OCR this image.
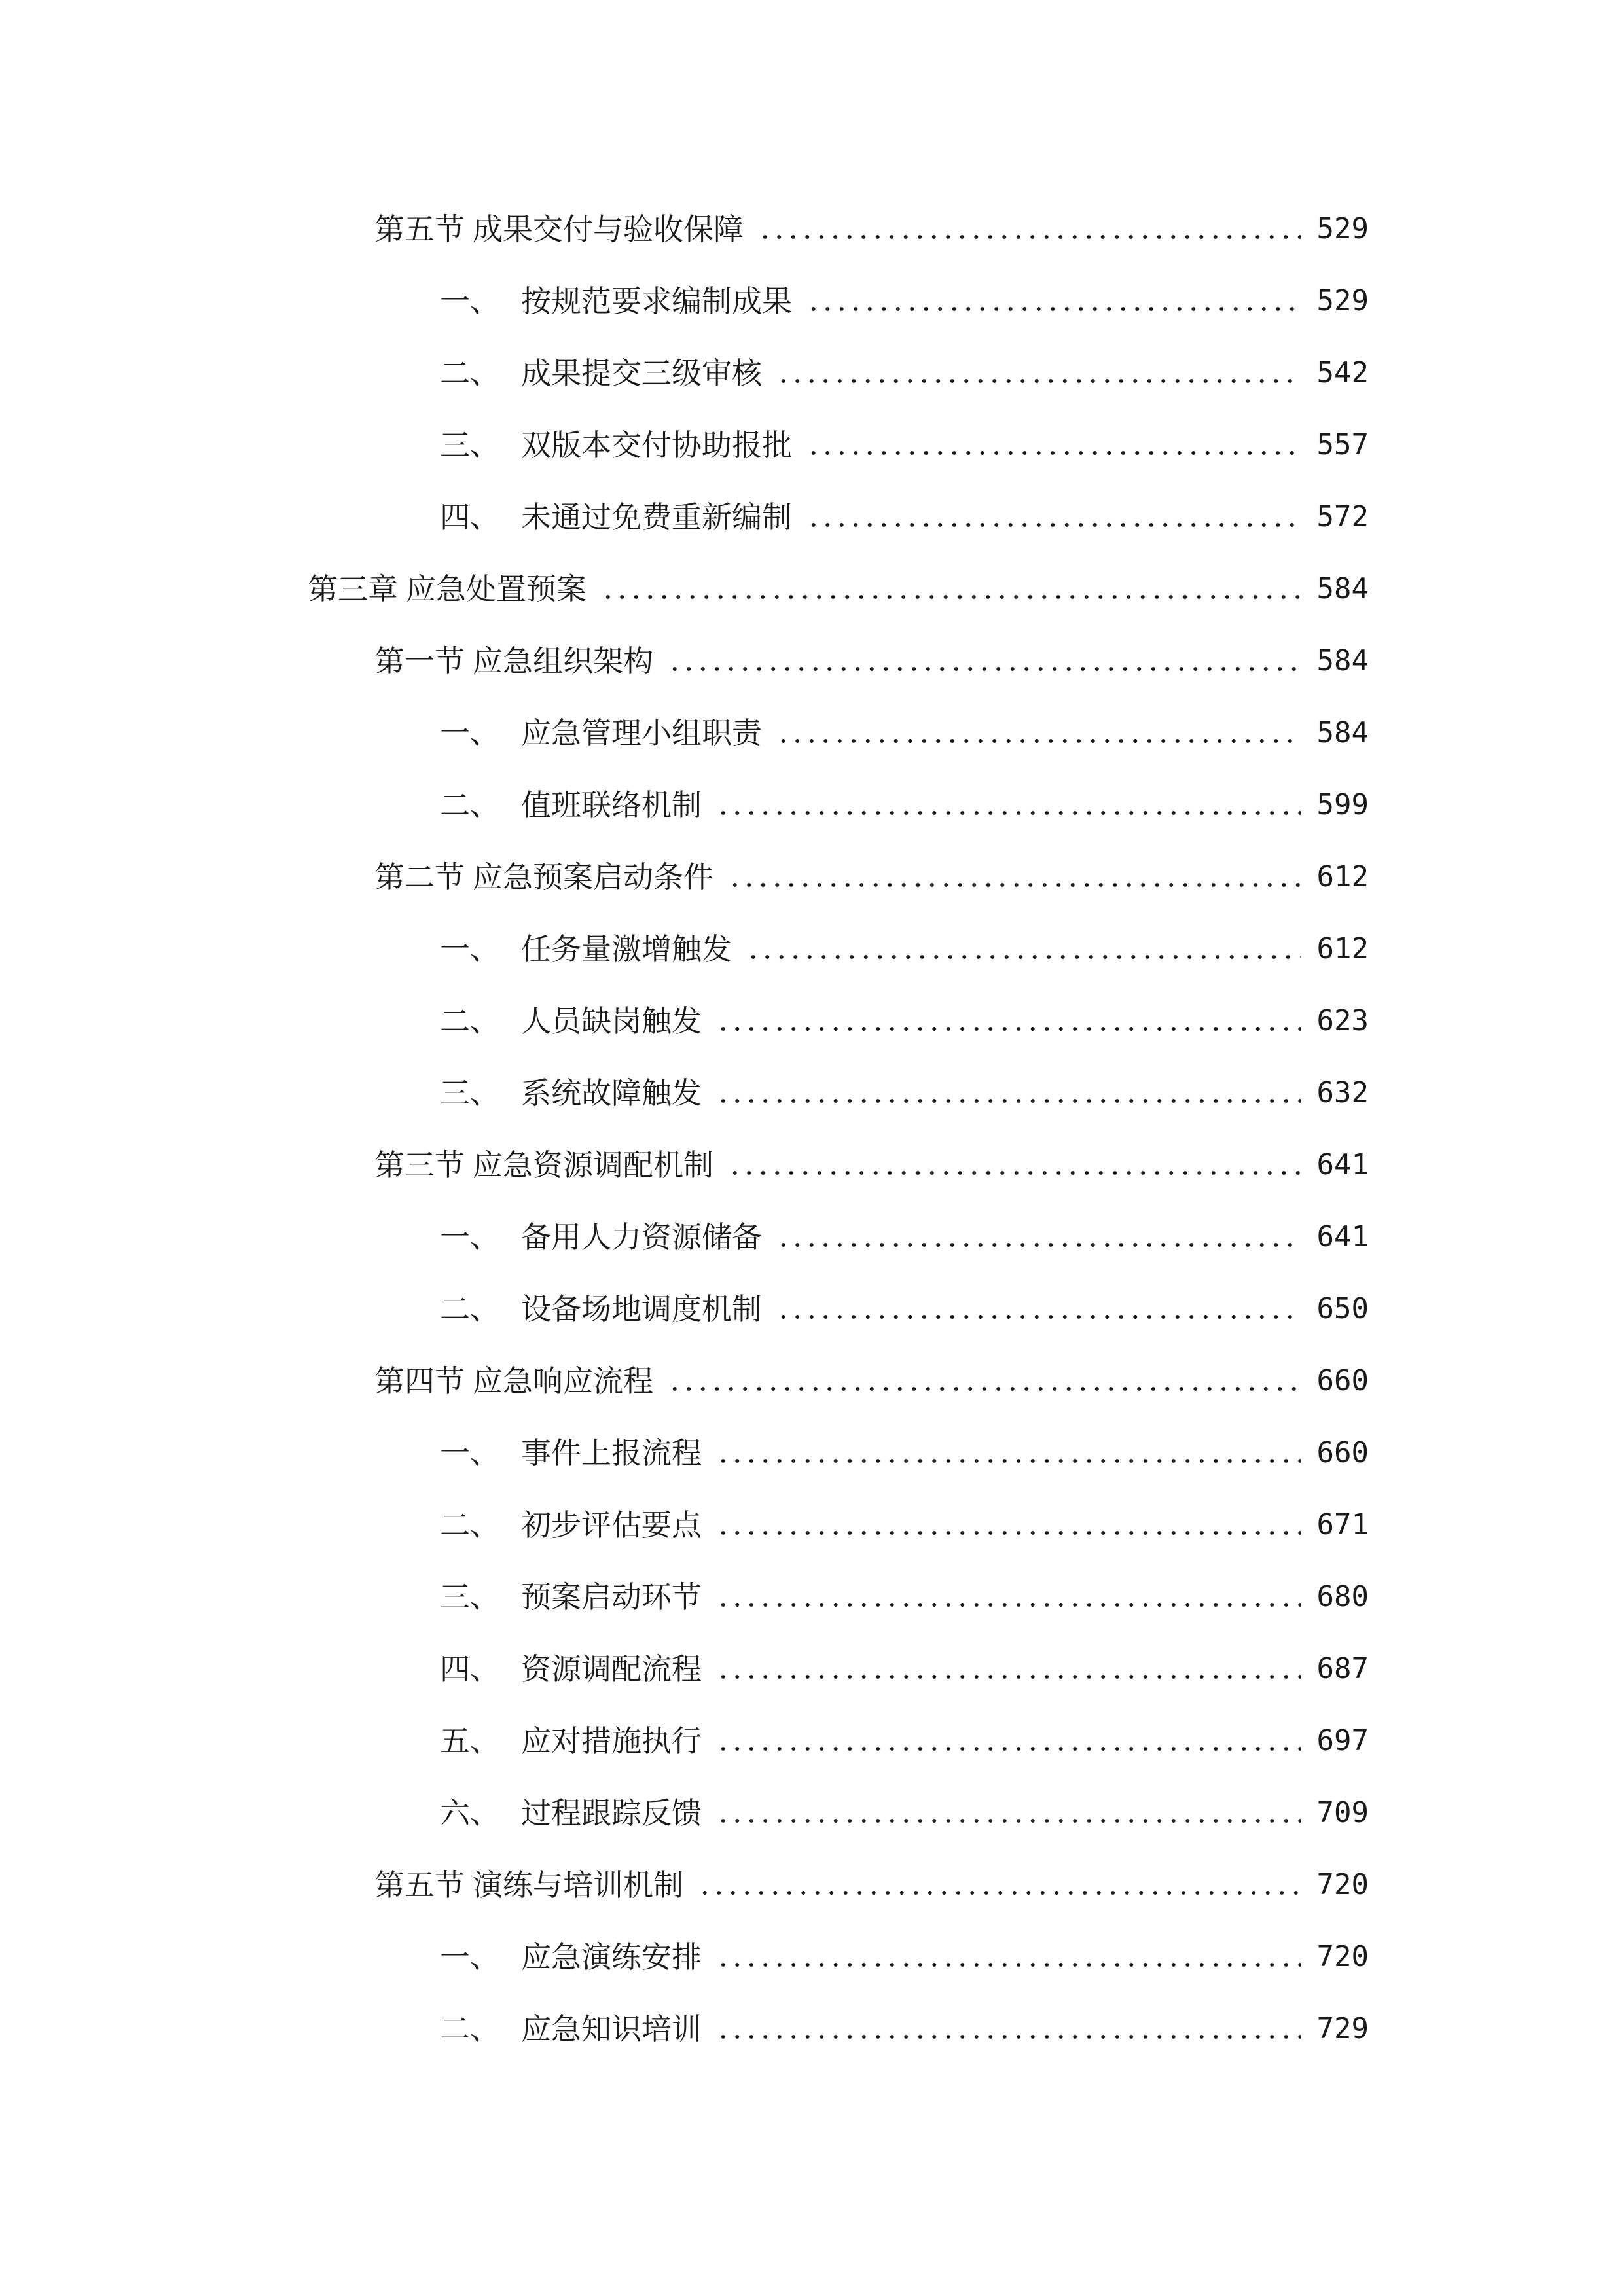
第五节 成果交付与验收保障	529
一、 按规范要求编制成果	529
二、 成果提交三级审核	542
三、 双版本交付协助报批	557
四、 未通过免费重新编制	572
第三章 应急处置预案	584
第一节 应急组织架构	584
一、 应急管理小组职责	584
二、 值班联络机制	599
第二节 应急预案启动条件	612
一、 任务量激增触发	612
二、 人员缺岗触发	623
三、 系统故障触发	632
第三节 应急资源调配机制	641
一、 备用人力资源储备	641
二、 设备场地调度机制	650
第四节 应急响应流程	660
一、 事件上报流程	660
二、 初步评估要点	671
三、 预案启动环节	680
四、 资源调配流程	687
五、 应对措施执行	697
六、 过程跟踪反馈	709
第五节 演练与培训机制	720
一、 应急演练安排	720
二、 应急知识培训	729
